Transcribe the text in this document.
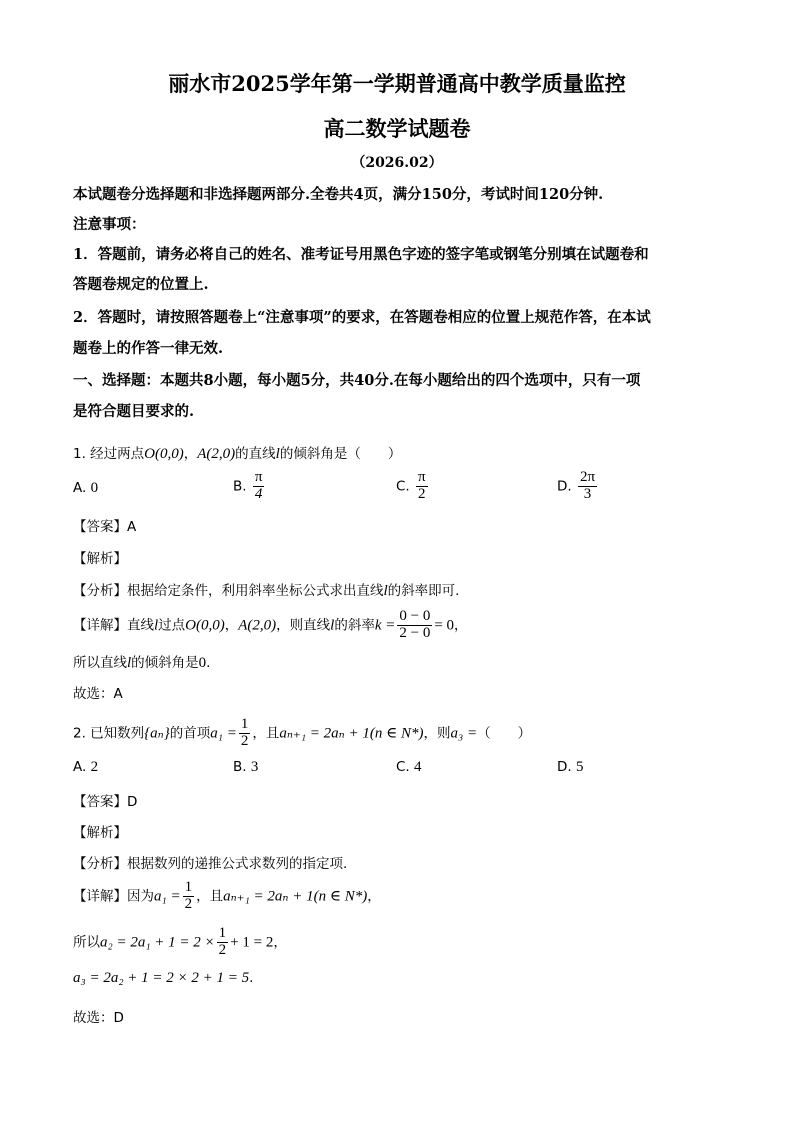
丽水市2025学年第一学期普通高中教学质量监控
高二数学试题卷
（2026.02）
本试题卷分选择题和非选择题两部分.全卷共4页，满分150分，考试时间120分钟.
注意事项：
1．答题前，请务必将自己的姓名、准考证号用黑色字迹的签字笔或钢笔分别填在试题卷和
答题卷规定的位置上.
2．答题时，请按照答题卷上“注意事项”的要求，在答题卷相应的位置上规范作答，在本试
题卷上的作答一律无效.
一、选择题：本题共8小题，每小题5分，共40分.在每小题给出的四个选项中，只有一项
是符合题目要求的.
1. 经过两点O(0,0)，A(2,0)的直线l的倾斜角是（　　）
A. 0	B. $\frac{\pi}{4}$	C. $\frac{\pi}{2}$	D. $\frac{2\pi}{3}$
【答案】A
【解析】
【分析】根据给定条件，利用斜率坐标公式求出直线l的斜率即可.
【详解】直线l过点O(0,0)，A(2,0)，则直线l的斜率$k = \frac{0 - 0}{2 - 0} = 0$，
所以直线l的倾斜角是0.
故选：A
2. 已知数列{aₙ}的首项$a_1 = \frac{1}{2}$ ，且aₙ₊₁ = 2aₙ + 1(n ∈ N*)，则a₃ =（　　）
A. 2	B. 3	C. 4	D. 5
【答案】D
【解析】
【分析】根据数列的递推公式求数列的指定项.
【详解】因为$a_1 = \frac{1}{2}$ ，且aₙ₊₁ = 2aₙ + 1(n ∈ N*)，
所以$a_2 = 2a_1 + 1 = 2 \times \frac{1}{2} + 1 = 2$，
a₃ = 2a₂ + 1 = 2 × 2 + 1 = 5.
故选：D
